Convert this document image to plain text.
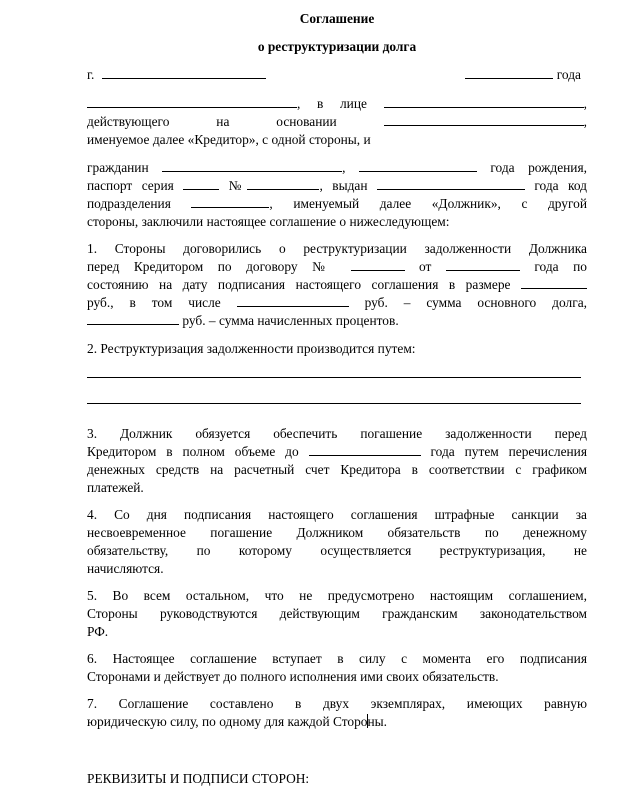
Соглашение
о реструктуризации долга
г.	года
, в лице	,
действующего	на	основании	,
именуемое далее «Кредитор», с одной стороны, и
гражданин	,	года рождения,
паспорт серия	№	, выдан	года код
подразделения	, именуемый далее «Должник», с другой
стороны, заключили настоящее соглашение о нижеследующем:
1. Стороны договорились о реструктуризации задолженности Должника
перед Кредитором по договору №	от	года по
состоянию на дату подписания настоящего соглашения в размере
руб., в том числе	руб. – сумма основного долга,
руб. – сумма начисленных процентов.
2. Реструктуризация задолженности производится путем:
3. Должник обязуется обеспечить погашение задолженности перед
Кредитором в полном объеме до	года путем перечисления
денежных средств на расчетный счет Кредитора в соответствии с графиком
платежей.
4. Со дня подписания настоящего соглашения штрафные санкции за
несвоевременное погашение Должником обязательств по денежному
обязательству, по которому осуществляется реструктуризация, не
начисляются.
5. Во всем остальном, что не предусмотрено настоящим соглашением,
Стороны руководствуются действующим гражданским законодательством
РФ.
6. Настоящее соглашение вступает в силу с момента его подписания
Сторонами и действует до полного исполнения ими своих обязательств.
7. Соглашение составлено в двух экземплярах, имеющих равную
юридическую силу, по одному для каждой Стороны.
РЕКВИЗИТЫ И ПОДПИСИ СТОРОН:
